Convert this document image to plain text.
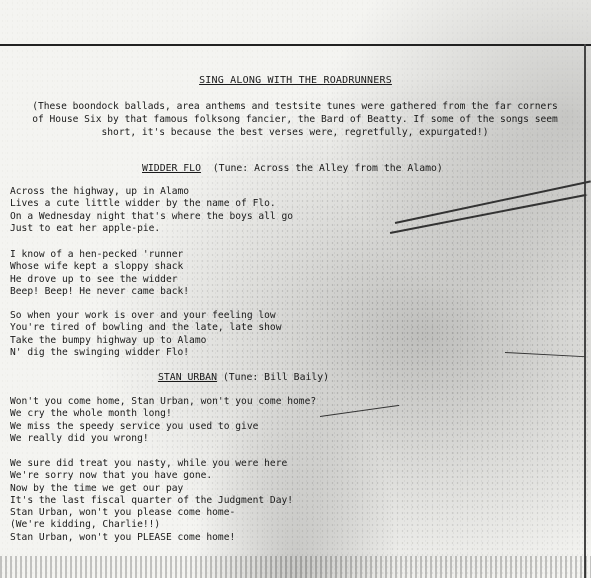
SING ALONG WITH THE ROADRUNNERS
(These boondock ballads, area anthems and testsite tunes were gathered from the far corners
of House Six by that famous folksong fancier, the Bard of Beatty. If some of the songs seem
short, it's because the best verses were, regretfully, expurgated!)
WIDDER FLO (Tune: Across the Alley from the Alamo)
Across the highway, up in Alamo
Lives a cute little widder by the name of Flo.
On a Wednesday night that's where the boys all go
Just to eat her apple-pie.
I know of a hen-pecked 'runner
Whose wife kept a sloppy shack
He drove up to see the widder
Beep! Beep! He never came back!
So when your work is over and your feeling low
You're tired of bowling and the late, late show
Take the bumpy highway up to Alamo
N' dig the swinging widder Flo!
STAN URBAN (Tune: Bill Baily)
Won't you come home, Stan Urban, won't you come home?
We cry the whole month long!
We miss the speedy service you used to give
We really did you wrong!
We sure did treat you nasty, while you were here
We're sorry now that you have gone.
Now by the time we get our pay
It's the last fiscal quarter of the Judgment Day!
Stan Urban, won't you please come home-
(We're kidding, Charlie!!)
Stan Urban, won't you PLEASE come home!
